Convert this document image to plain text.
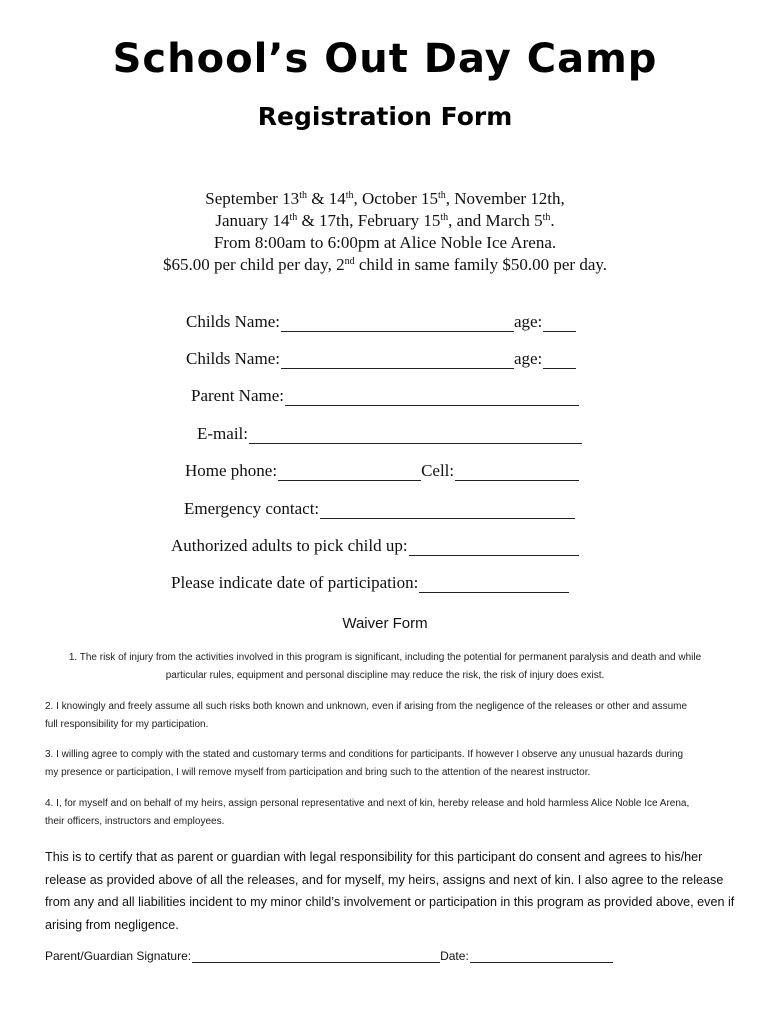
School’s Out Day Camp
Registration Form
September 13th & 14th, October 15th, November 12th,
January 14th & 17th, February 15th, and March 5th.
From 8:00am to 6:00pm at Alice Noble Ice Arena.
$65.00 per child per day, 2nd child in same family $50.00 per day.
Childs Name:	age:
Childs Name:	age:
Parent Name:
E-mail:
Home phone:	Cell:
Emergency contact:
Authorized adults to pick child up:
Please indicate date of participation:
Waiver Form
1. The risk of injury from the activities involved in this program is significant, including the potential for permanent paralysis and death and while
particular rules, equipment and personal discipline may reduce the risk, the risk of injury does exist.
2. I knowingly and freely assume all such risks both known and unknown, even if arising from the negligence of the releases or other and assume
full responsibility for my participation.
3. I willing agree to comply with the stated and customary terms and conditions for participants. If however I observe any unusual hazards during
my presence or participation, I will remove myself from participation and bring such to the attention of the nearest instructor.
4. I, for myself and on behalf of my heirs, assign personal representative and next of kin, hereby release and hold harmless Alice Noble Ice Arena,
their officers, instructors and employees.
This is to certify that as parent or guardian with legal responsibility for this participant do consent and agrees to his/her release as provided above of all the releases, and for myself, my heirs, assigns and next of kin. I also agree to the release from any and all liabilities incident to my minor child’s involvement or participation in this program as provided above, even if arising from negligence.
Parent/Guardian Signature:	Date:
